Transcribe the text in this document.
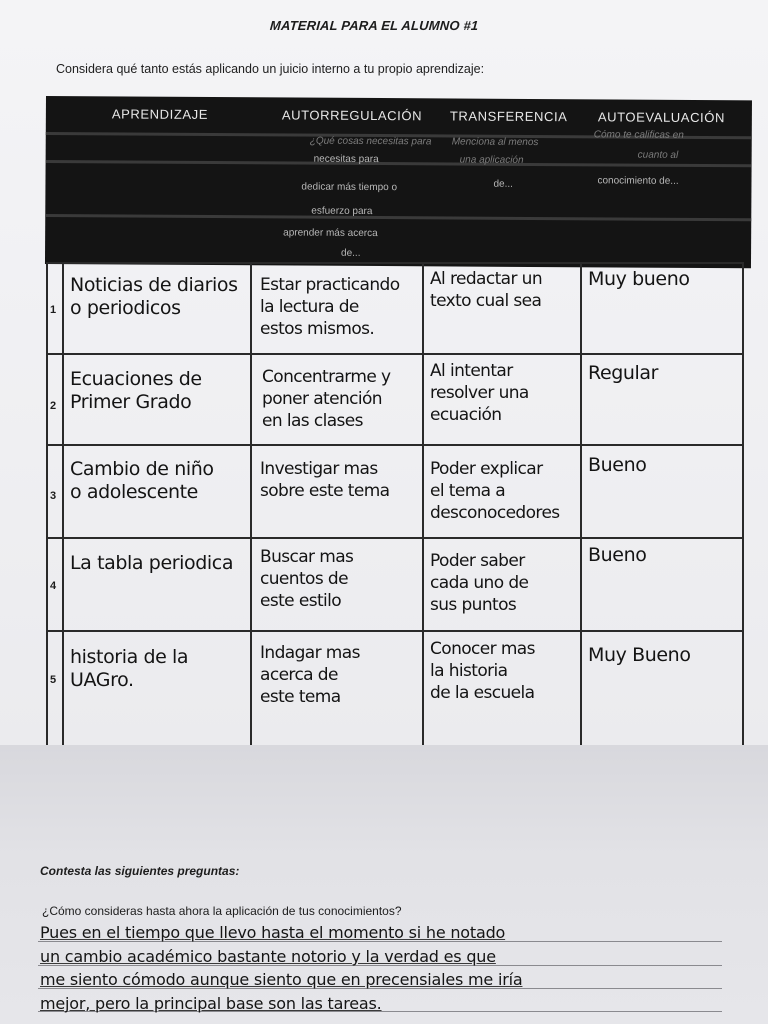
MATERIAL PARA EL ALUMNO #1
Considera qué tanto estás aplicando un juicio interno a tu propio aprendizaje:
APRENDIZAJE	AUTORREGULACIÓN TRANSFERENCIA AUTOEVALUACIÓN
¿Qué cosas necesitas para
necesitas para
dedicar más tiempo o
esfuerzo para
aprender más acerca
de...
Menciona al menos
una aplicación
de...
Cómo te calificas en
cuanto al
conocimiento de...
1
Noticias de diarios
o periodicos
Estar practicando
la lectura de
estos mismos.
Al redactar un
texto cual sea
Muy bueno
2
Ecuaciones de
Primer Grado
Concentrarme y
poner atención
en las clases
Al intentar
resolver una
ecuación
Regular
3
Cambio de niño
o adolescente
Investigar mas
sobre este tema
Poder explicar
el tema a
desconocedores
Bueno
4
La tabla periodica Buscar mas
cuentos de
este estilo
Poder saber
cada uno de
sus puntos
Bueno
5
historia de la
UAGro.
Indagar mas
acerca de
este tema
Conocer mas
la historia
de la escuela
Muy Bueno
Contesta las siguientes preguntas:
¿Cómo consideras hasta ahora la aplicación de tus conocimientos?
Pues en el tiempo que llevo hasta el momento si he notado
un cambio académico bastante notorio y la verdad es que
me siento cómodo aunque siento que en precensiales me iría
mejor, pero la principal base son las tareas.
